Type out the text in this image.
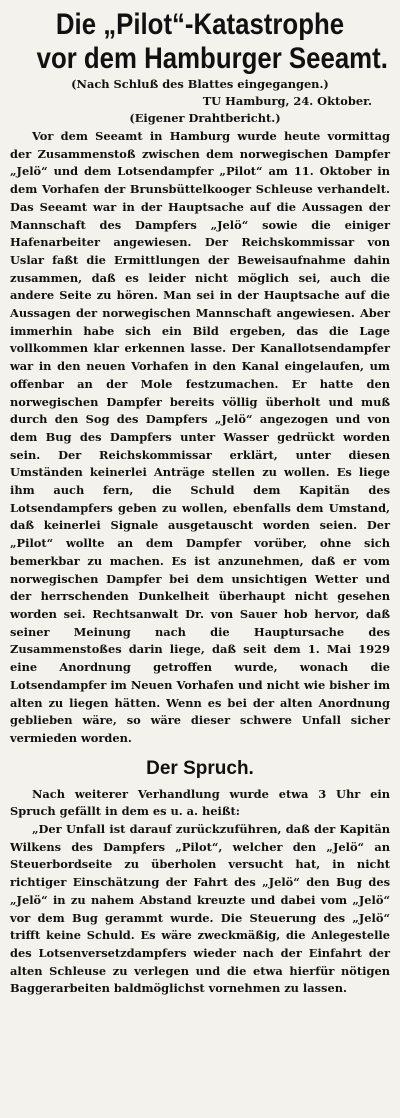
Die „Pilot“-Katastrophe
vor dem Hamburger Seeamt.
(Nach Schluß des Blattes eingegangen.)
TU Hamburg, 24. Oktober.
(Eigener Drahtbericht.)

Vor dem Seeamt in Hamburg wurde heute vormittag der Zusammenstoß zwischen dem norwegischen Dampfer „Jelö“ und dem Lotsendampfer „Pilot“ am 11. Oktober in dem Vorhafen der Brunsbüttelkooger Schleuse verhandelt. Das Seeamt war in der Hauptsache auf die Aussagen der Mannschaft des Dampfers „Jelö“ sowie die einiger Hafenarbeiter angewiesen. Der Reichskommissar von Uslar faßt die Ermittlungen der Beweisaufnahme dahin zusammen, daß es leider nicht möglich sei, auch die andere Seite zu hören. Man sei in der Hauptsache auf die Aussagen der norwegischen Mannschaft angewiesen. Aber immerhin habe sich ein Bild ergeben, das die Lage vollkommen klar erkennen lasse. Der Kanallotsendampfer war in den neuen Vorhafen in den Kanal eingelaufen, um offenbar an der Mole festzumachen. Er hatte den norwegischen Dampfer bereits völlig überholt und muß durch den Sog des Dampfers „Jelö“ angezogen und von dem Bug des Dampfers unter Wasser gedrückt worden sein. Der Reichskommissar erklärt, unter diesen Umständen keinerlei Anträge stellen zu wollen. Es liege ihm auch fern, die Schuld dem Kapitän des Lotsendampfers geben zu wollen, ebenfalls dem Umstand, daß keinerlei Signale ausgetauscht worden seien. Der „Pilot“ wollte an dem Dampfer vorüber, ohne sich bemerkbar zu machen. Es ist anzunehmen, daß er vom norwegischen Dampfer bei dem unsichtigen Wetter und der herrschenden Dunkelheit überhaupt nicht gesehen worden sei. Rechtsanwalt Dr. von Sauer hob hervor, daß seiner Meinung nach die Hauptursache des Zusammenstoßes darin liege, daß seit dem 1. Mai 1929 eine Anordnung getroffen wurde, wonach die Lotsendampfer im Neuen Vorhafen und nicht wie bisher im alten zu liegen hätten. Wenn es bei der alten Anordnung geblieben wäre, so wäre dieser schwere Unfall sicher vermieden worden.

Der Spruch.

Nach weiterer Verhandlung wurde etwa 3 Uhr ein Spruch gefällt in dem es u. a. heißt:

„Der Unfall ist darauf zurückzuführen, daß der Kapitän Wilkens des Dampfers „Pilot“, welcher den „Jelö“ an Steuerbordseite zu überholen versucht hat, in nicht richtiger Einschätzung der Fahrt des „Jelö“ den Bug des „Jelö“ in zu nahem Abstand kreuzte und dabei vom „Jelö“ vor dem Bug gerammt wurde. Die Steuerung des „Jelö“ trifft keine Schuld. Es wäre zweckmäßig, die Anlegestelle des Lotsenversetzdampfers wieder nach der Einfahrt der alten Schleuse zu verlegen und die etwa hierfür nötigen Baggerarbeiten baldmöglichst vornehmen zu lassen.
